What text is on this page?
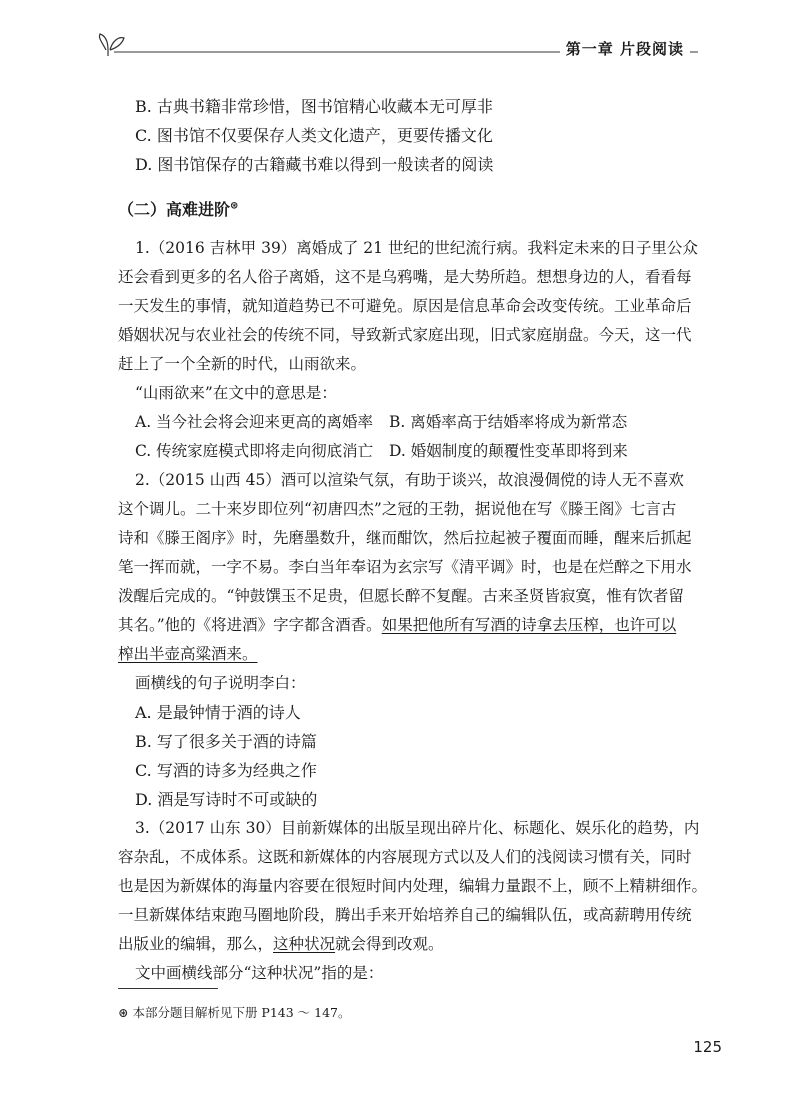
第一章 片段阅读
B. 古典书籍非常珍惜，图书馆精心收藏本无可厚非
C. 图书馆不仅要保存人类文化遗产，更要传播文化
D. 图书馆保存的古籍藏书难以得到一般读者的阅读
（二）高难进阶⊛
1.（2016 吉林甲 39）离婚成了 21 世纪的世纪流行病。我料定未来的日子里公众
还会看到更多的名人俗子离婚，这不是乌鸦嘴，是大势所趋。想想身边的人，看看每
一天发生的事情，就知道趋势已不可避免。原因是信息革命会改变传统。工业革命后
婚姻状况与农业社会的传统不同，导致新式家庭出现，旧式家庭崩盘。今天，这一代
赶上了一个全新的时代，山雨欲来。
“山雨欲来”在文中的意思是：
A. 当今社会将会迎来更高的离婚率 B. 离婚率高于结婚率将成为新常态
C. 传统家庭模式即将走向彻底消亡 D. 婚姻制度的颠覆性变革即将到来
2.（2015 山西 45）酒可以渲染气氛，有助于谈兴，故浪漫倜傥的诗人无不喜欢
这个调儿。二十来岁即位列“初唐四杰”之冠的王勃，据说他在写《滕王阁》七言古
诗和《滕王阁序》时，先磨墨数升，继而酣饮，然后拉起被子覆面而睡，醒来后抓起
笔一挥而就，一字不易。李白当年奉诏为玄宗写《清平调》时，也是在烂醉之下用水
泼醒后完成的。“钟鼓馔玉不足贵，但愿长醉不复醒。古来圣贤皆寂寞，惟有饮者留
其名。”他的《将进酒》字字都含酒香。如果把他所有写酒的诗拿去压榨，也许可以
榨出半壶高粱酒来。
画横线的句子说明李白：
A. 是最钟情于酒的诗人
B. 写了很多关于酒的诗篇
C. 写酒的诗多为经典之作
D. 酒是写诗时不可或缺的
3.（2017 山东 30）目前新媒体的出版呈现出碎片化、标题化、娱乐化的趋势，内
容杂乱，不成体系。这既和新媒体的内容展现方式以及人们的浅阅读习惯有关，同时
也是因为新媒体的海量内容要在很短时间内处理，编辑力量跟不上，顾不上精耕细作。
一旦新媒体结束跑马圈地阶段，腾出手来开始培养自己的编辑队伍，或高薪聘用传统
出版业的编辑，那么，这种状况就会得到改观。
文中画横线部分“这种状况”指的是：
⊛ 本部分题目解析见下册 P143 ～ 147。
125
